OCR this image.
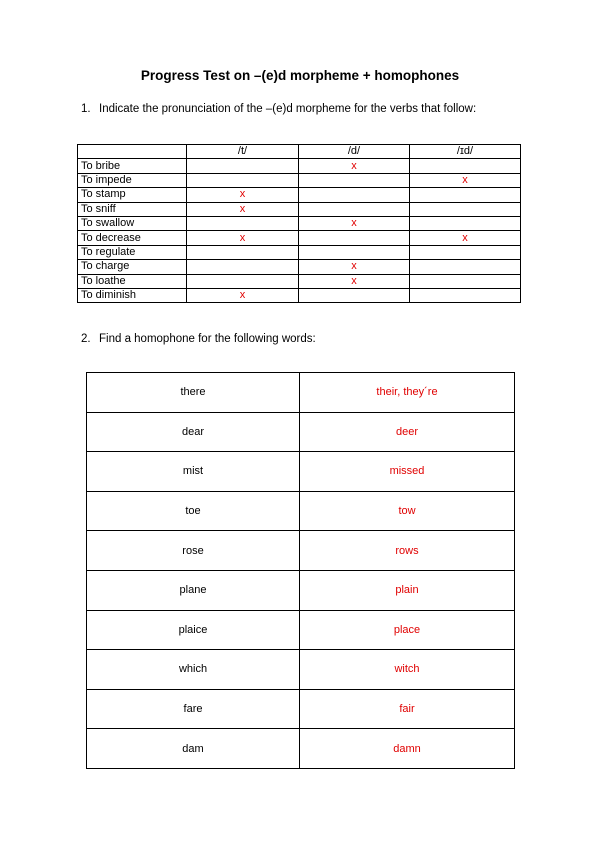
Progress Test on –(e)d morpheme + homophones
1. Indicate the pronunciation of the –(e)d morpheme for the verbs that follow:
	/t/	/d/	/ɪd/
To bribe		x	
To impede			x
To stamp	x		
To sniff	x		
To swallow		x	
To decrease	x		x
To regulate			
To charge		x	
To loathe		x	
To diminish	x		
2. Find a homophone for the following words:
there	their, they´re
dear	deer
mist	missed
toe	tow
rose	rows
plane	plain
plaice	place
which	witch
fare	fair
dam	damn
